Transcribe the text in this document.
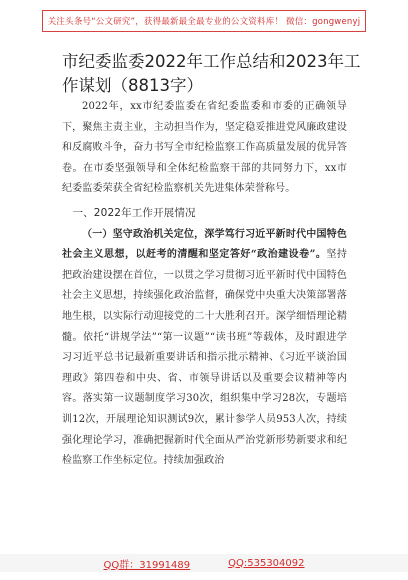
关注头条号“公文研究”，获得最新最全最专业的公文资料库！ 微信：gongwenyj
市纪委监委2022年工作总结和2023年工作谋划（8813字）

2022年，xx市纪委监委在省纪委监委和市委的正确领导下，聚焦主责主业，主动担当作为，坚定稳妥推进党风廉政建设和反腐败斗争，奋力书写全市纪检监察工作高质量发展的优异答卷。在市委坚强领导和全体纪检监察干部的共同努力下，xx市纪委监委荣获全省纪检监察机关先进集体荣誉称号。

一、2022年工作开展情况

（一）坚守政治机关定位，深学笃行习近平新时代中国特色社会主义思想，以赶考的清醒和坚定答好“政治建设卷”。坚持把政治建设摆在首位，一以贯之学习贯彻习近平新时代中国特色社会主义思想，持续强化政治监督，确保党中央重大决策部署落地生根，以实际行动迎接党的二十大胜利召开。深学细悟理论精髓。依托“讲规学法”“第一议题”“读书班”等载体，及时跟进学习习近平总书记最新重要讲话和指示批示精神、《习近平谈治国理政》第四卷和中央、省、市领导讲话以及重要会议精神等内容。落实第一议题制度学习30次，组织集中学习28次，专题培训12次，开展理论知识测试9次，累计参学人员953人次，持续强化理论学习，准确把握新时代全面从严治党新形势新要求和纪检监察工作坐标定位。持续加强政治

QQ群：31991489	QQ:535304092
